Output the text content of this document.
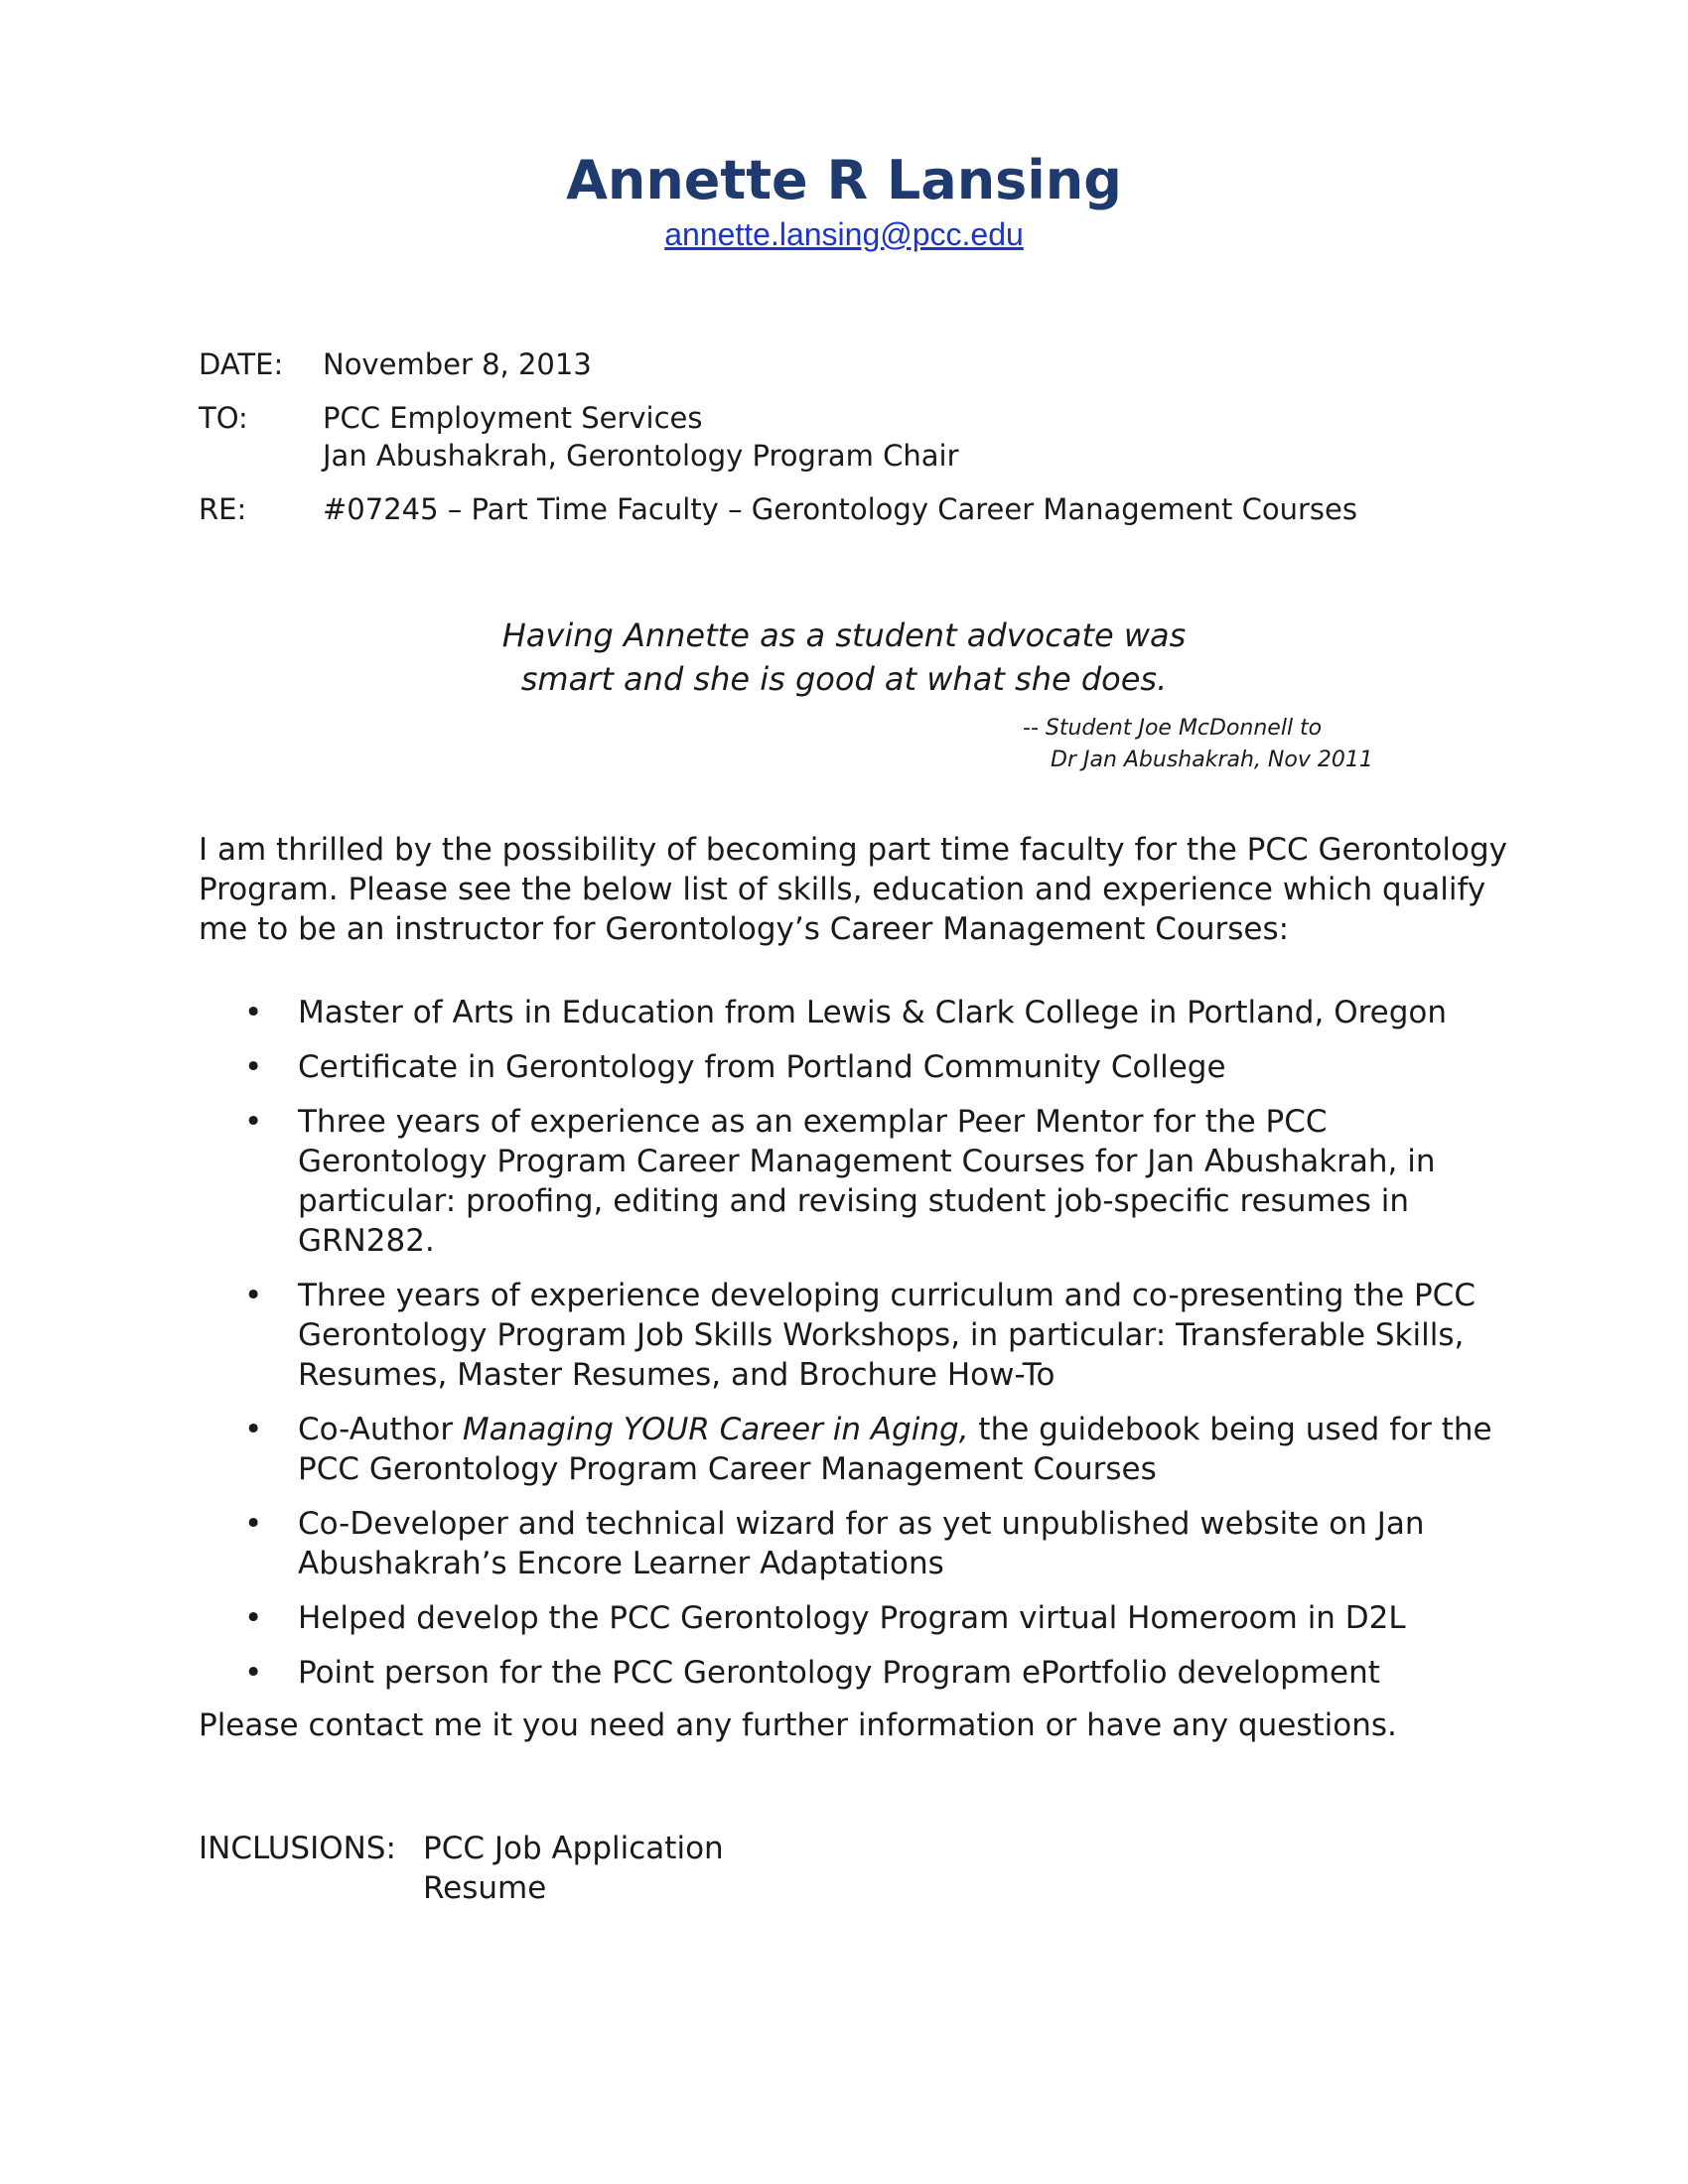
Annette R Lansing
annette.lansing@pcc.edu
DATE:	November 8, 2013
TO:	PCC Employment Services
Jan Abushakrah, Gerontology Program Chair
RE:	#07245 – Part Time Faculty – Gerontology Career Management Courses
Having Annette as a student advocate was
smart and she is good at what she does.
-- Student Joe McDonnell to
Dr Jan Abushakrah, Nov 2011

I am thrilled by the possibility of becoming part time faculty for the PCC Gerontology Program. Please see the below list of skills, education and experience which qualify me to be an instructor for Gerontology’s Career Management Courses:

• Master of Arts in Education from Lewis & Clark College in Portland, Oregon
• Certificate in Gerontology from Portland Community College
• Three years of experience as an exemplar Peer Mentor for the PCC Gerontology Program Career Management Courses for Jan Abushakrah, in particular: proofing, editing and revising student job-specific resumes in GRN282.
• Three years of experience developing curriculum and co-presenting the PCC Gerontology Program Job Skills Workshops, in particular: Transferable Skills, Resumes, Master Resumes, and Brochure How-To
• Co-Author Managing YOUR Career in Aging, the guidebook being used for the PCC Gerontology Program Career Management Courses
• Co-Developer and technical wizard for as yet unpublished website on Jan Abushakrah’s Encore Learner Adaptations
• Helped develop the PCC Gerontology Program virtual Homeroom in D2L
• Point person for the PCC Gerontology Program ePortfolio development

Please contact me it you need any further information or have any questions.

INCLUSIONS: PCC Job Application
Resume
